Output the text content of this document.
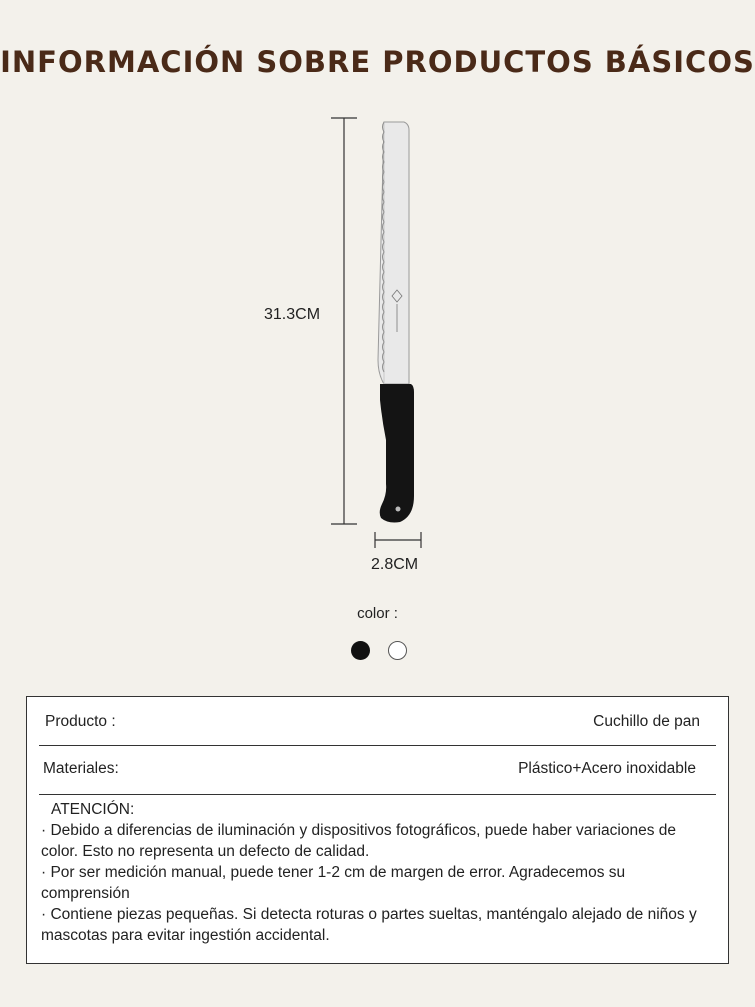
INFORMACIÓN SOBRE PRODUCTOS BÁSICOS
31.3CM
2.8CM
color :
Producto :	Cuchillo de pan
Materiales:	Plástico+Acero inoxidable
ATENCIÓN:
· Debido a diferencias de iluminación y dispositivos fotográficos, puede haber variaciones de color. Esto no representa un defecto de calidad.
· Por ser medición manual, puede tener 1-2 cm de margen de error. Agradecemos su comprensión
· Contiene piezas pequeñas. Si detecta roturas o partes sueltas, manténgalo alejado de niños y mascotas para evitar ingestión accidental.
